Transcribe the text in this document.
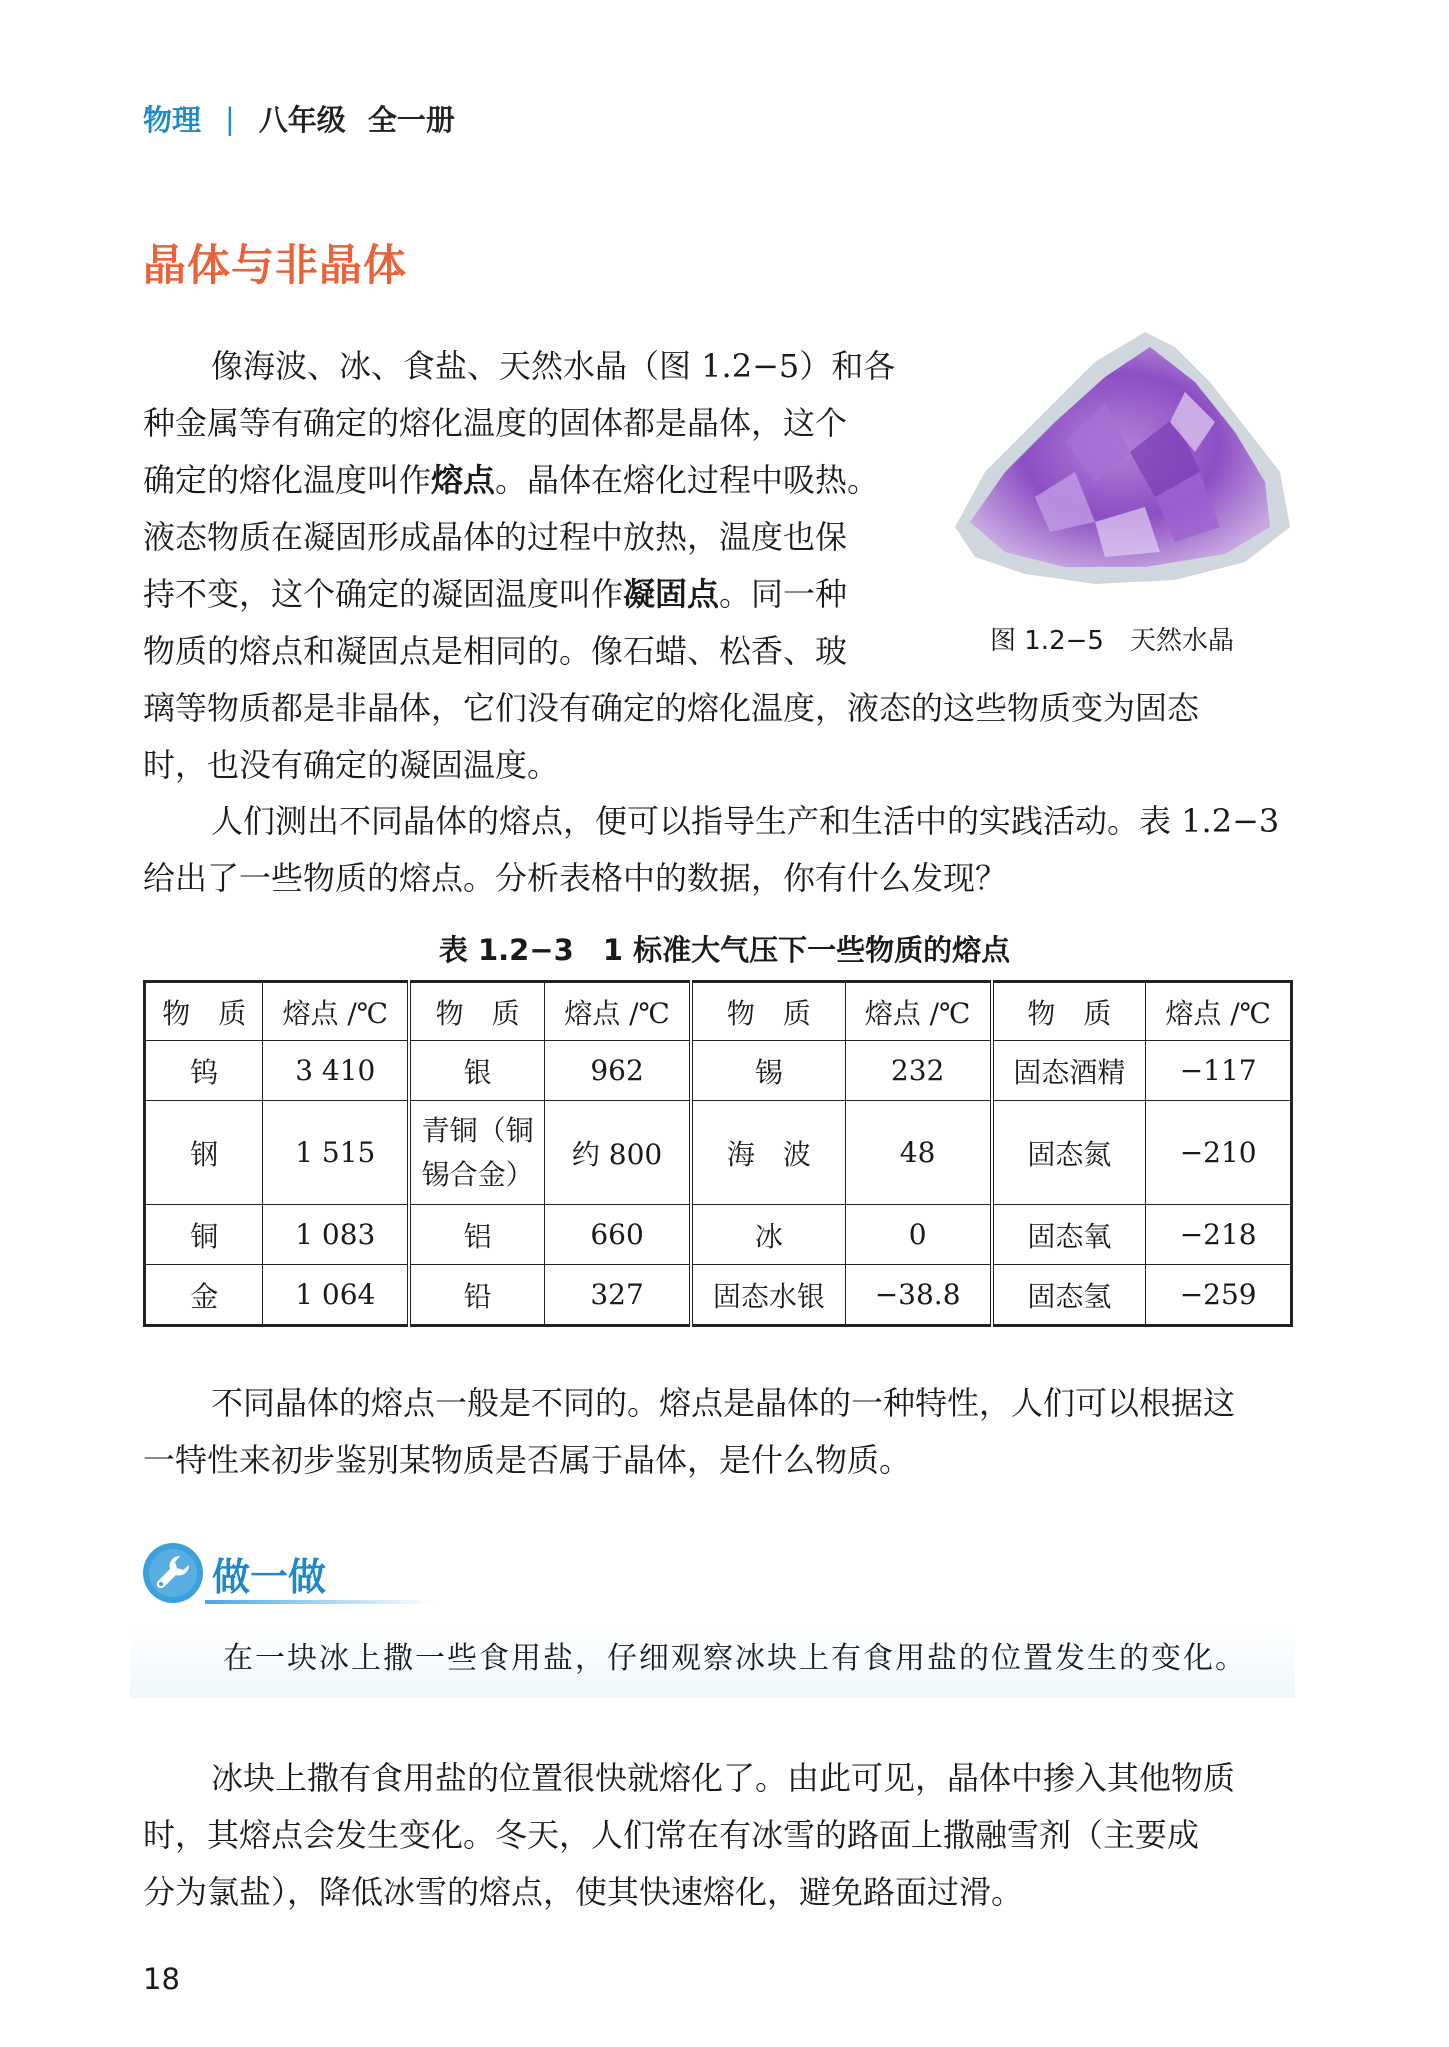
物理 | 八年级 全一册
晶体与非晶体
像海波、冰、食盐、天然水晶（图 1.2−5）和各
种金属等有确定的熔化温度的固体都是晶体，这个
确定的熔化温度叫作熔点。晶体在熔化过程中吸热。
液态物质在凝固形成晶体的过程中放热，温度也保
持不变，这个确定的凝固温度叫作凝固点。同一种
物质的熔点和凝固点是相同的。像石蜡、松香、玻
璃等物质都是非晶体，它们没有确定的熔化温度，液态的这些物质变为固态
时，也没有确定的凝固温度。
图 1.2−5　天然水晶
人们测出不同晶体的熔点，便可以指导生产和生活中的实践活动。表 1.2−3
给出了一些物质的熔点。分析表格中的数据，你有什么发现？
表 1.2−3　1 标准大气压下一些物质的熔点
物　质	熔点 /℃	物　质	熔点 /℃	物　质	熔点 /℃	物　质	熔点 /℃
钨	3 410	银	962	锡	232	固态酒精	−117
钢	1 515	青铜（铜锡合金）	约 800	海　波	48	固态氮	−210
铜	1 083	铝	660	冰	0	固态氧	−218
金	1 064	铅	327	固态水银	−38.8	固态氢	−259
不同晶体的熔点一般是不同的。熔点是晶体的一种特性，人们可以根据这
一特性来初步鉴别某物质是否属于晶体，是什么物质。
做一做
在一块冰上撒一些食用盐，仔细观察冰块上有食用盐的位置发生的变化。
冰块上撒有食用盐的位置很快就熔化了。由此可见，晶体中掺入其他物质
时，其熔点会发生变化。冬天，人们常在有冰雪的路面上撒融雪剂（主要成
分为氯盐），降低冰雪的熔点，使其快速熔化，避免路面过滑。
18
